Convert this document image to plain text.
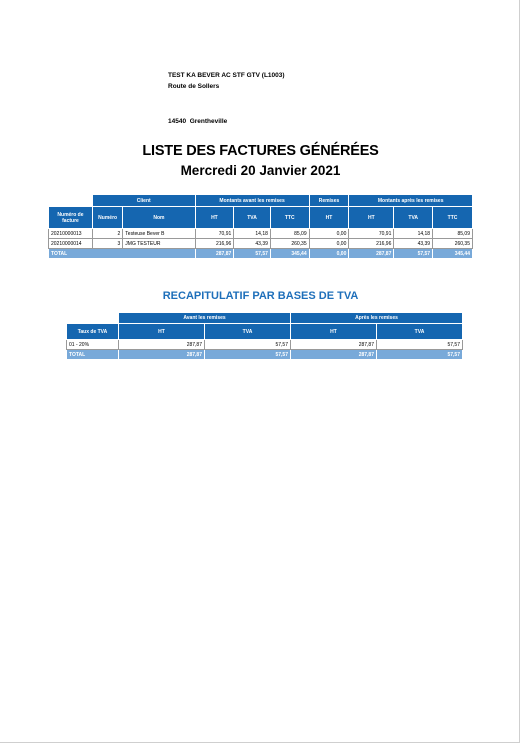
TEST KA BEVER AC STF GTV (L1003)
Route de Sollers
14540 Grentheville
LISTE DES FACTURES GÉNÉRÉES
Mercredi 20 Janvier 2021
	Client		Montants avant les remises			Remises	Montants après les remises		
Numéro de facture	Numéro	Nom	HT	TVA	TTC	HT	HT	TVA	TTC
20210000013	2	Testeuse Bever B	70,91	14,18	85,09	0,00	70,91	14,18	85,09
20210000014	3	JMG TESTEUR	216,96	43,39	260,35	0,00	216,96	43,39	260,35
TOTAL			287,87	57,57	345,44	0,00	287,87	57,57	345,44
RECAPITULATIF PAR BASES DE TVA
	Avant les remises		Après les remises	
Taux de TVA	HT	TVA	HT	TVA
01 - 20%	287,87	57,57	287,87	57,57
TOTAL	287,87	57,57	287,87	57,57
